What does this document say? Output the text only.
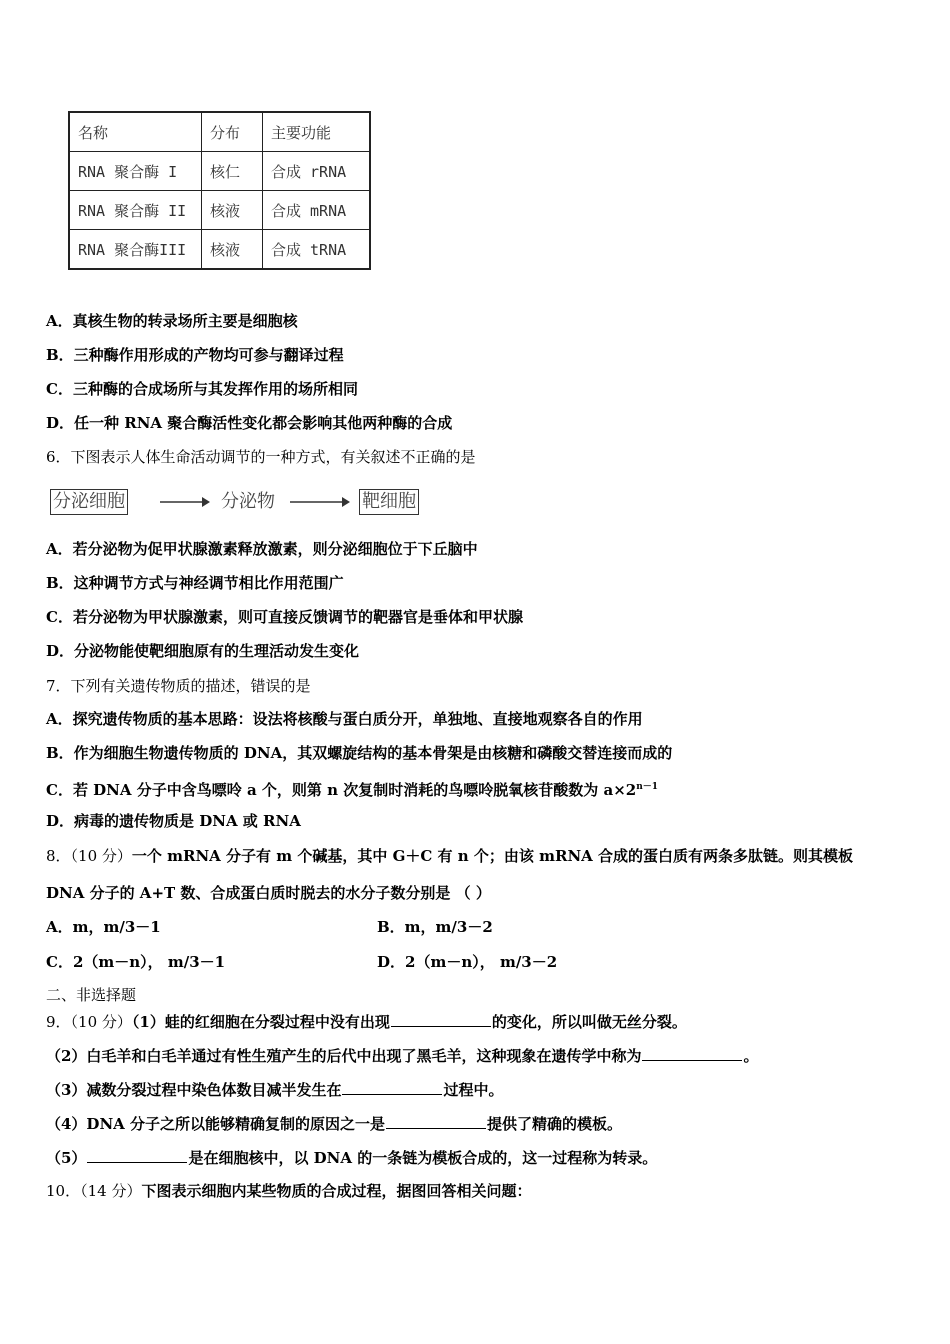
名称	分布	主要功能
RNA 聚合酶 I	核仁	合成 rRNA
RNA 聚合酶 II	核液	合成 mRNA
RNA 聚合酶III	核液	合成 tRNA
A．真核生物的转录场所主要是细胞核
B．三种酶作用形成的产物均可参与翻译过程
C．三种酶的合成场所与其发挥作用的场所相同
D．任一种 RNA 聚合酶活性变化都会影响其他两种酶的合成
6．下图表示人体生命活动调节的一种方式，有关叙述不正确的是
分泌细胞	分泌物	靶细胞
A．若分泌物为促甲状腺激素释放激素，则分泌细胞位于下丘脑中
B．这种调节方式与神经调节相比作用范围广
C．若分泌物为甲状腺激素，则可直接反馈调节的靶器官是垂体和甲状腺
D．分泌物能使靶细胞原有的生理活动发生变化
7．下列有关遗传物质的描述，错误的是
A．探究遗传物质的基本思路：设法将核酸与蛋白质分开，单独地、直接地观察各自的作用
B．作为细胞生物遗传物质的 DNA，其双螺旋结构的基本骨架是由核糖和磷酸交替连接而成的
C．若 DNA 分子中含鸟嘌呤 a 个，则第 n 次复制时消耗的鸟嘌呤脱氧核苷酸数为 $a\times 2^{n-1}$
D．病毒的遗传物质是 DNA 或 RNA
8．（10 分）一个 mRNA 分子有 m 个碱基，其中 G＋C 有 n 个；由该 mRNA 合成的蛋白质有两条多肽链。则其模板
DNA 分子的 A+T 数、合成蛋白质时脱去的水分子数分别是 （ ）
A．m，m/3－1	B．m，m/3－2
C．2（m－n）， m/3－1	D．2（m－n）， m/3－2
二、非选择题
9．（10 分）（1）蛙的红细胞在分裂过程中没有出现	的变化，所以叫做无丝分裂。
（2）白毛羊和白毛羊通过有性生殖产生的后代中出现了黑毛羊，这种现象在遗传学中称为	。
（3）减数分裂过程中染色体数目减半发生在	过程中。
（4）DNA 分子之所以能够精确复制的原因之一是	提供了精确的模板。
（5）	是在细胞核中，以 DNA 的一条链为模板合成的，这一过程称为转录。
10．（14 分）下图表示细胞内某些物质的合成过程，据图回答相关问题：
